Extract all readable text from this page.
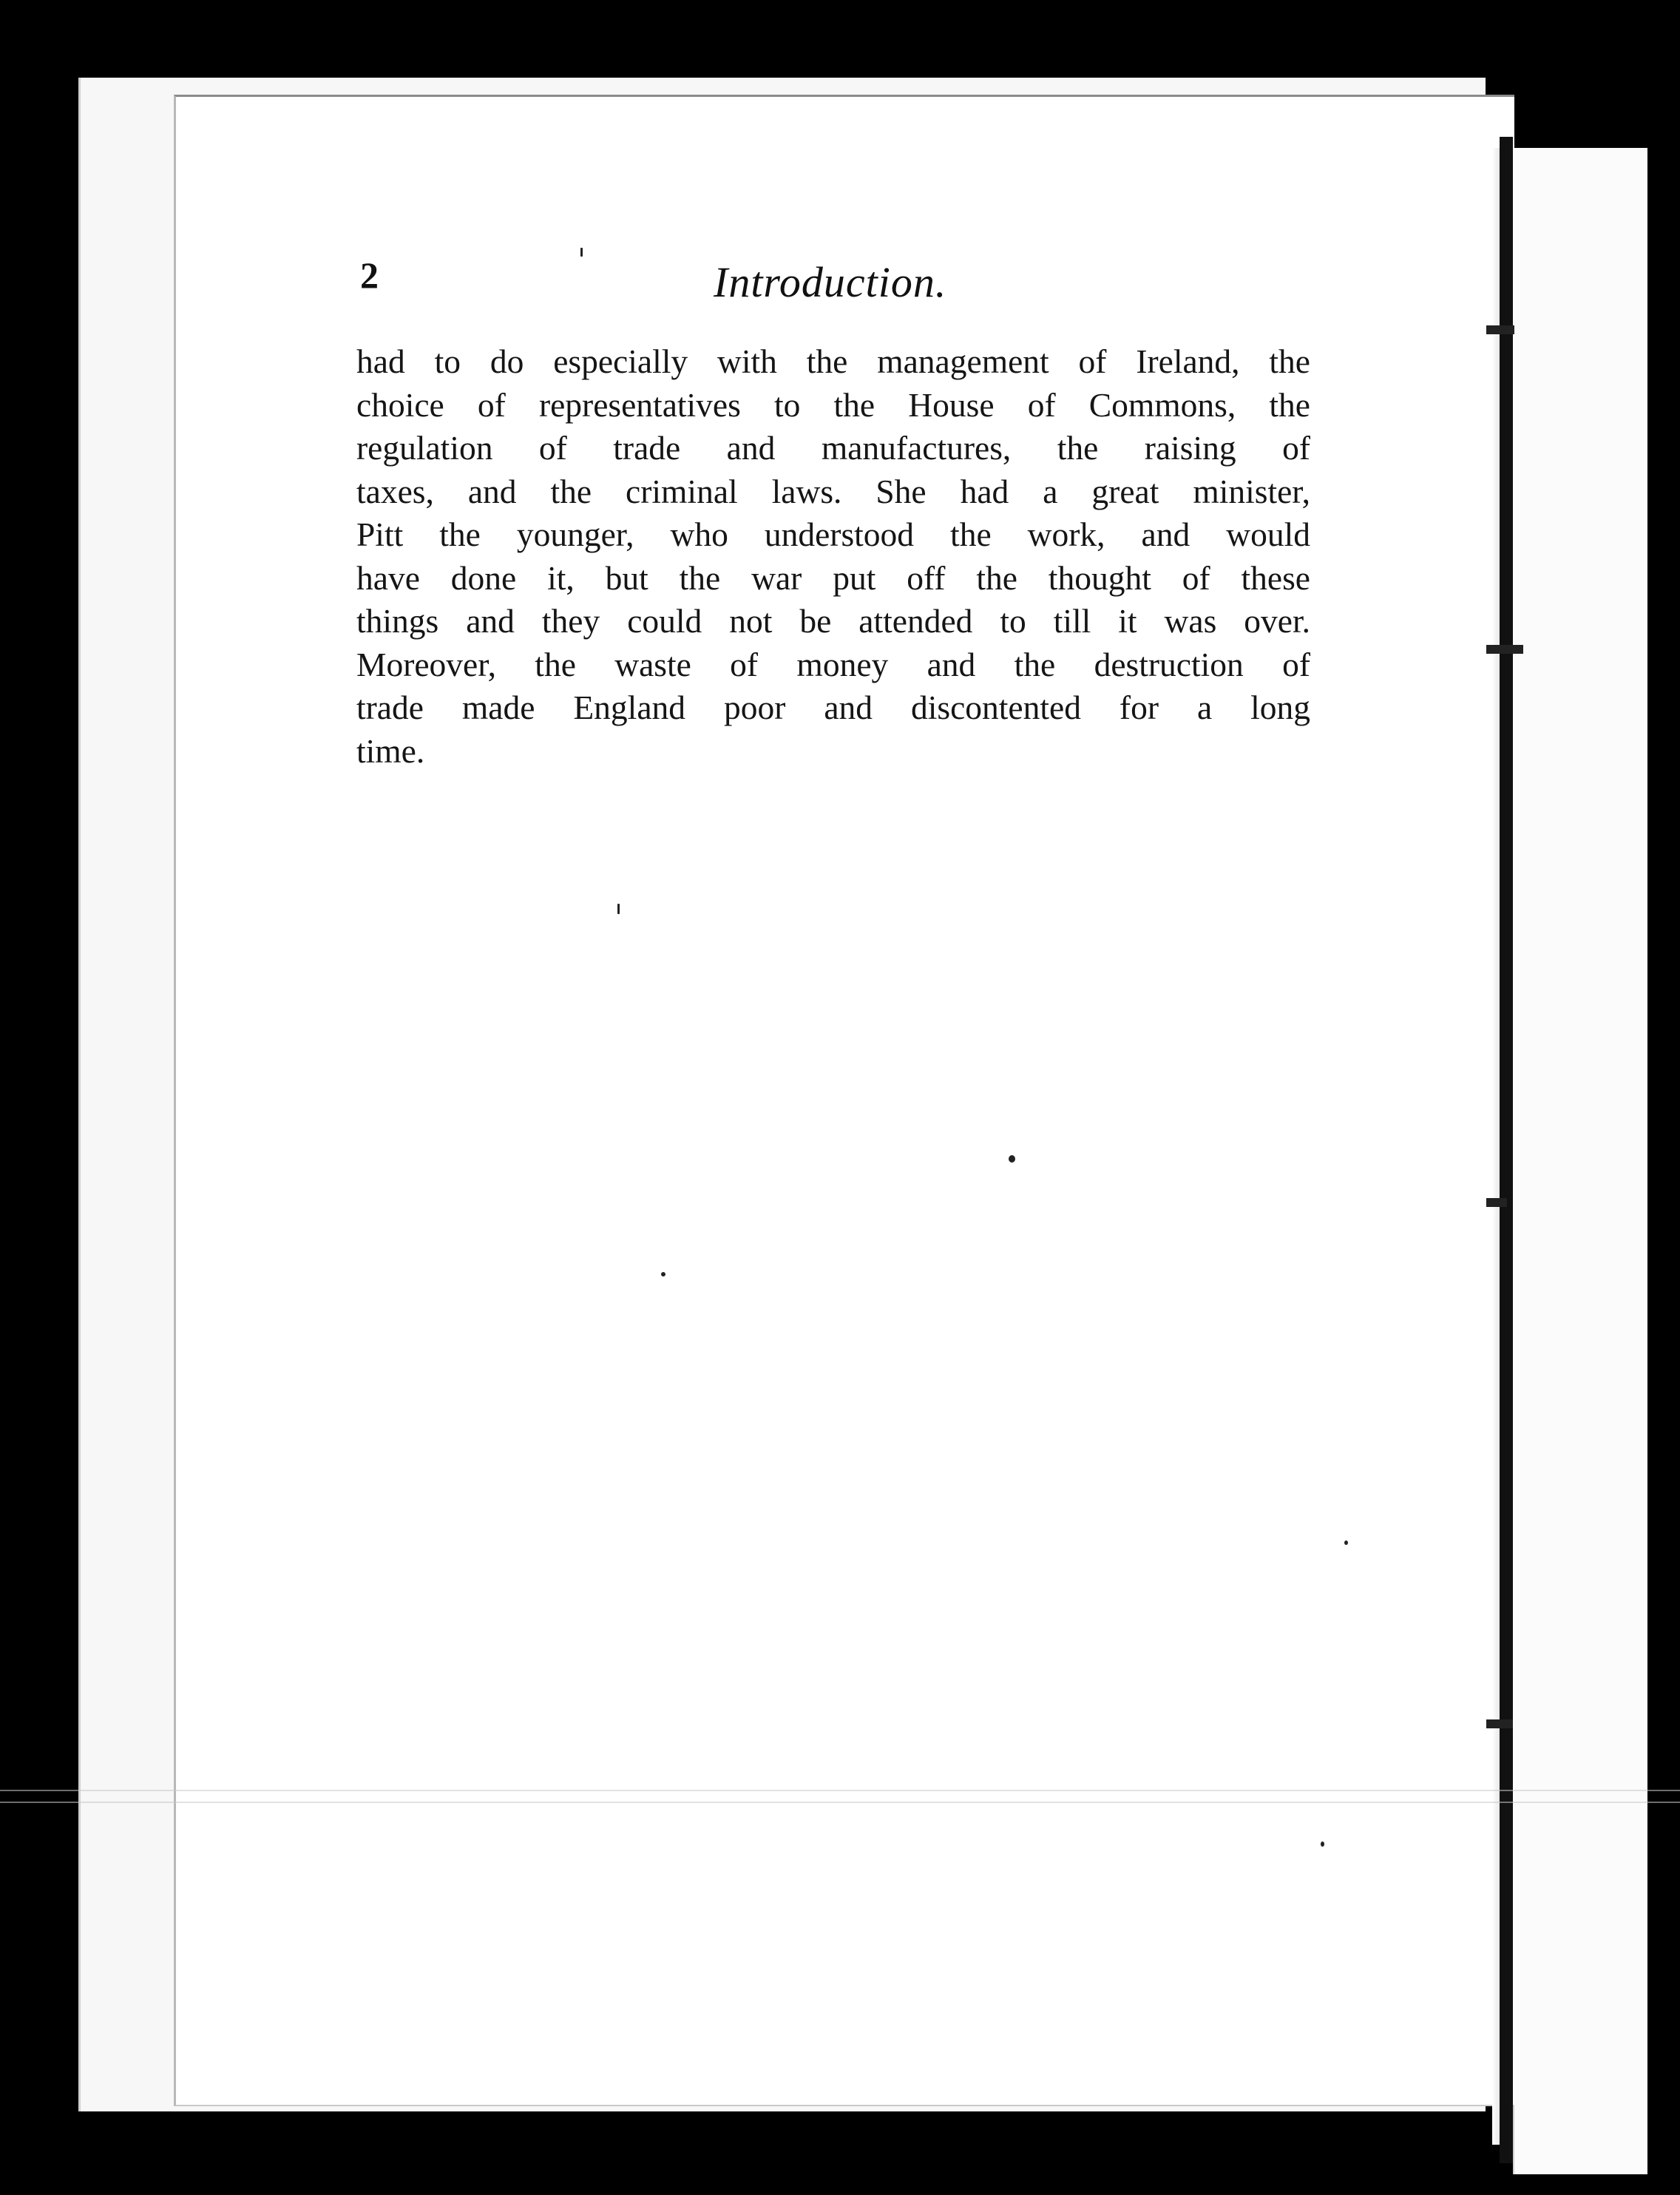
2	Introduction.
had to do especially with the management of Ireland, the
choice of representatives to the House of Commons, the
regulation of trade and manufactures, the raising of
taxes, and the criminal laws. She had a great minister,
Pitt the younger, who understood the work, and would
have done it, but the war put off the thought of these
things and they could not be attended to till it was over.
Moreover, the waste of money and the destruction of
trade made England poor and discontented for a long
time.
